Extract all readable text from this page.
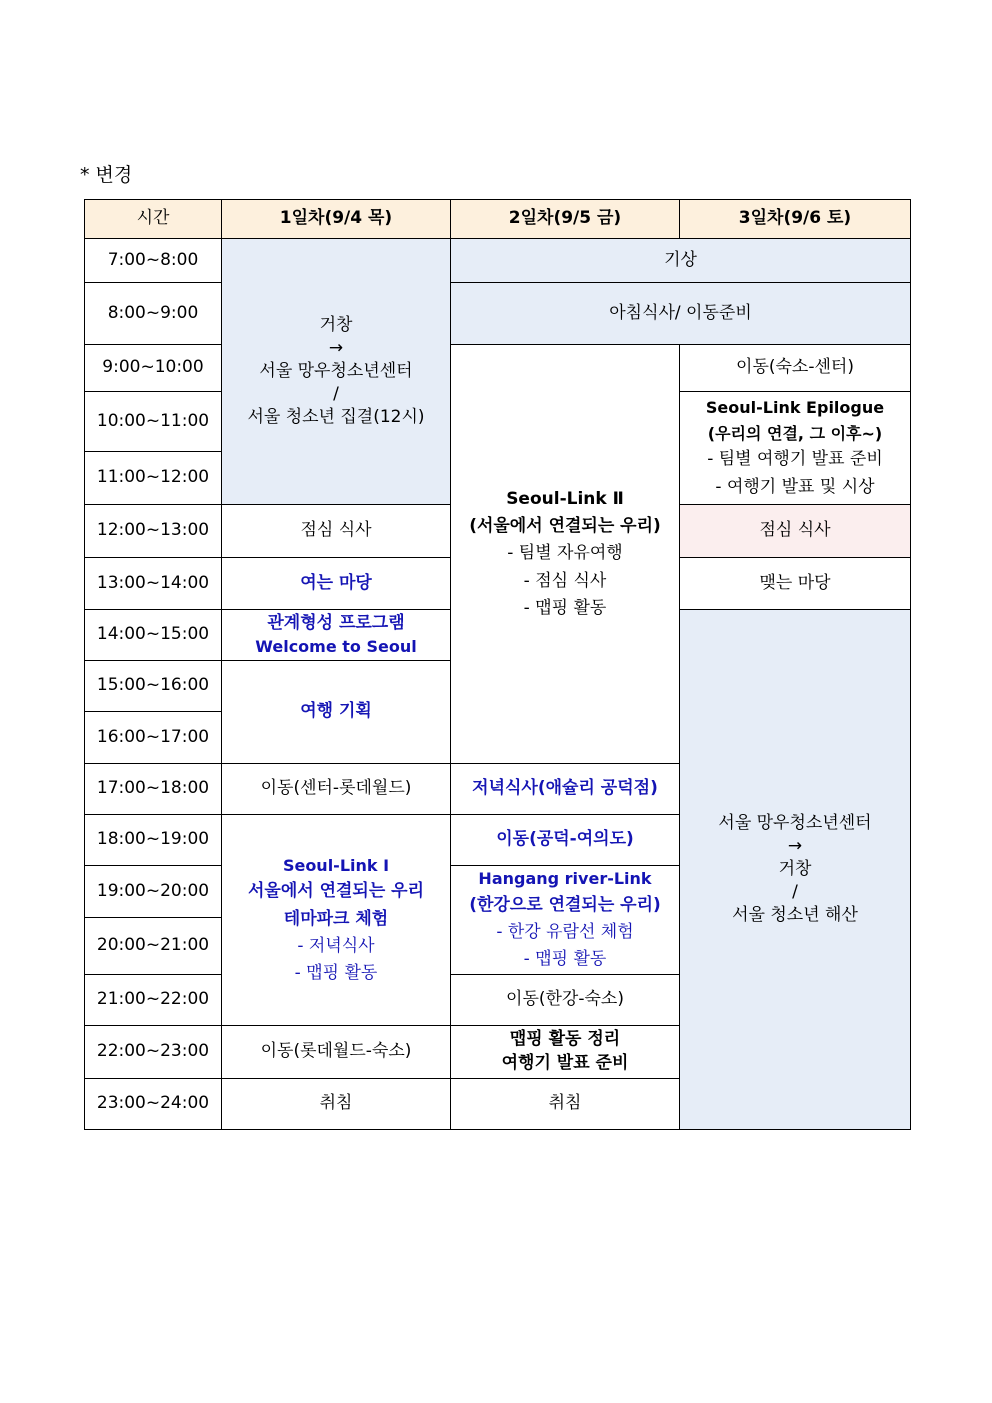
* 변경
시간	1일차(9/4 목)	2일차(9/5 금)	3일차(9/6 토)
7:00~8:00	거창
→
서울 망우청소년센터
/
서울 청소년 집결(12시)	기상	
8:00~9:00		아침식사/ 이동준비	
9:00~10:00		Seoul-Link Ⅱ
(서울에서 연결되는 우리)
- 팀별 자유여행
- 점심 식사
- 맵핑 활동	이동(숙소-센터)
10:00~11:00			Seoul-Link Epilogue
(우리의 연결, 그 이후~)
- 팀별 여행기 발표 준비
- 여행기 발표 및 시상

11:00~12:00			
12:00~13:00	점심 식사		점심 식사
13:00~14:00	여는 마당		맺는 마당
14:00~15:00	관계형성 프로그램
Welcome to Seoul		서울 망우청소년센터
→
거창
/
서울 청소년 해산

15:00~16:00	여행 기획		
16:00~17:00			
17:00~18:00	이동(센터-롯데월드)	저녁식사(애슐리 공덕점)	
18:00~19:00	Seoul-Link Ⅰ
서울에서 연결되는 우리
테마파크 체험
- 저녁식사
- 맵핑 활동	이동(공덕-여의도)	
19:00~20:00		Hangang river-Link
(한강으로 연결되는 우리)
- 한강 유람선 체험
- 맵핑 활동	

20:00~21:00			
21:00~22:00		이동(한강-숙소)	
22:00~23:00	이동(롯데월드-숙소)	맵핑 활동 정리
여행기 발표 준비	

23:00~24:00	취침	취침	
